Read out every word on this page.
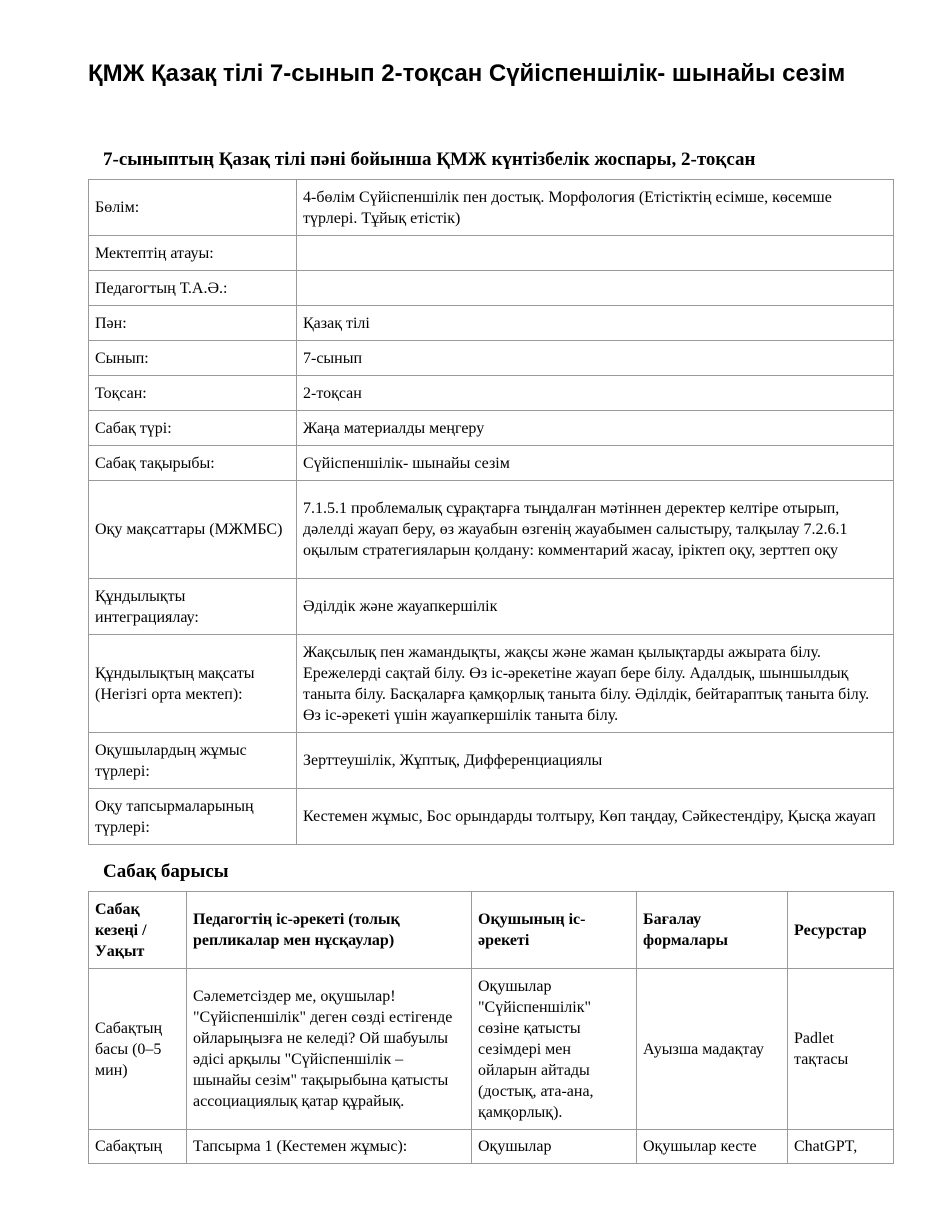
ҚМЖ Қазақ тілі 7-сынып 2-тоқсан Сүйіспеншілік- шынайы сезім
7-сыныптың Қазақ тілі пәні бойынша ҚМЖ күнтізбелік жоспары, 2-тоқсан
Бөлім:	4-бөлім Сүйіспеншілік пен достық. Морфология (Етістіктің есімше, көсемше түрлері. Тұйық етістік)
Мектептің атауы:	
Педагогтың Т.А.Ә.:	
Пән:	Қазақ тілі
Сынып:	7-сынып
Тоқсан:	2-тоқсан
Сабақ түрі:	Жаңа материалды меңгеру
Сабақ тақырыбы:	Сүйіспеншілік- шынайы сезім
Оқу мақсаттары (МЖМБС)	7.1.5.1 проблемалық сұрақтарға тыңдалған мәтіннен деректер келтіре отырып, дәлелді жауап беру, өз жауабын өзгенің жауабымен салыстыру, талқылау 7.2.6.1 оқылым стратегияларын қолдану: комментарий жасау, іріктеп оқу, зерттеп оқу
Құндылықты интеграциялау:	Әділдік және жауапкершілік
Құндылықтың мақсаты (Негізгі орта мектеп):	Жақсылық пен жамандықты, жақсы және жаман қылықтарды ажырата білу. Ережелерді сақтай білу. Өз іс-әрекетіне жауап бере білу. Адалдық, шыншылдық таныта білу. Басқаларға қамқорлық таныта білу. Әділдік, бейтараптық таныта білу. Өз іс-әрекеті үшін жауапкершілік таныта білу.
Оқушылардың жұмыс түрлері:	Зерттеушілік, Жұптық, Дифференциациялы
Оқу тапсырмаларының түрлері:	Кестемен жұмыс, Бос орындарды толтыру, Көп таңдау, Сәйкестендіру, Қысқа жауап
Сабақ барысы
Сабақ кезеңі / Уақыт	Педагогтің іс-әрекеті (толық репликалар мен нұсқаулар)	Оқушының іс-әрекеті	Бағалау формалары	Ресурстар
Сабақтың басы (0–5 мин)	Сәлеметсіздер ме, оқушылар! "Сүйіспеншілік" деген сөзді естігенде ойларыңызға не келеді? Ой шабуылы әдісі арқылы "Сүйіспеншілік – шынайы сезім" тақырыбына қатысты ассоциациялық қатар құрайық.	Оқушылар "Сүйіспеншілік" сөзіне қатысты сезімдері мен ойларын айтады (достық, ата-ана, қамқорлық).	Ауызша мадақтау	Padlet тақтасы
Сабақтың	Тапсырма 1 (Кестемен жұмыс):	Оқушылар	Оқушылар кесте	ChatGPT,
